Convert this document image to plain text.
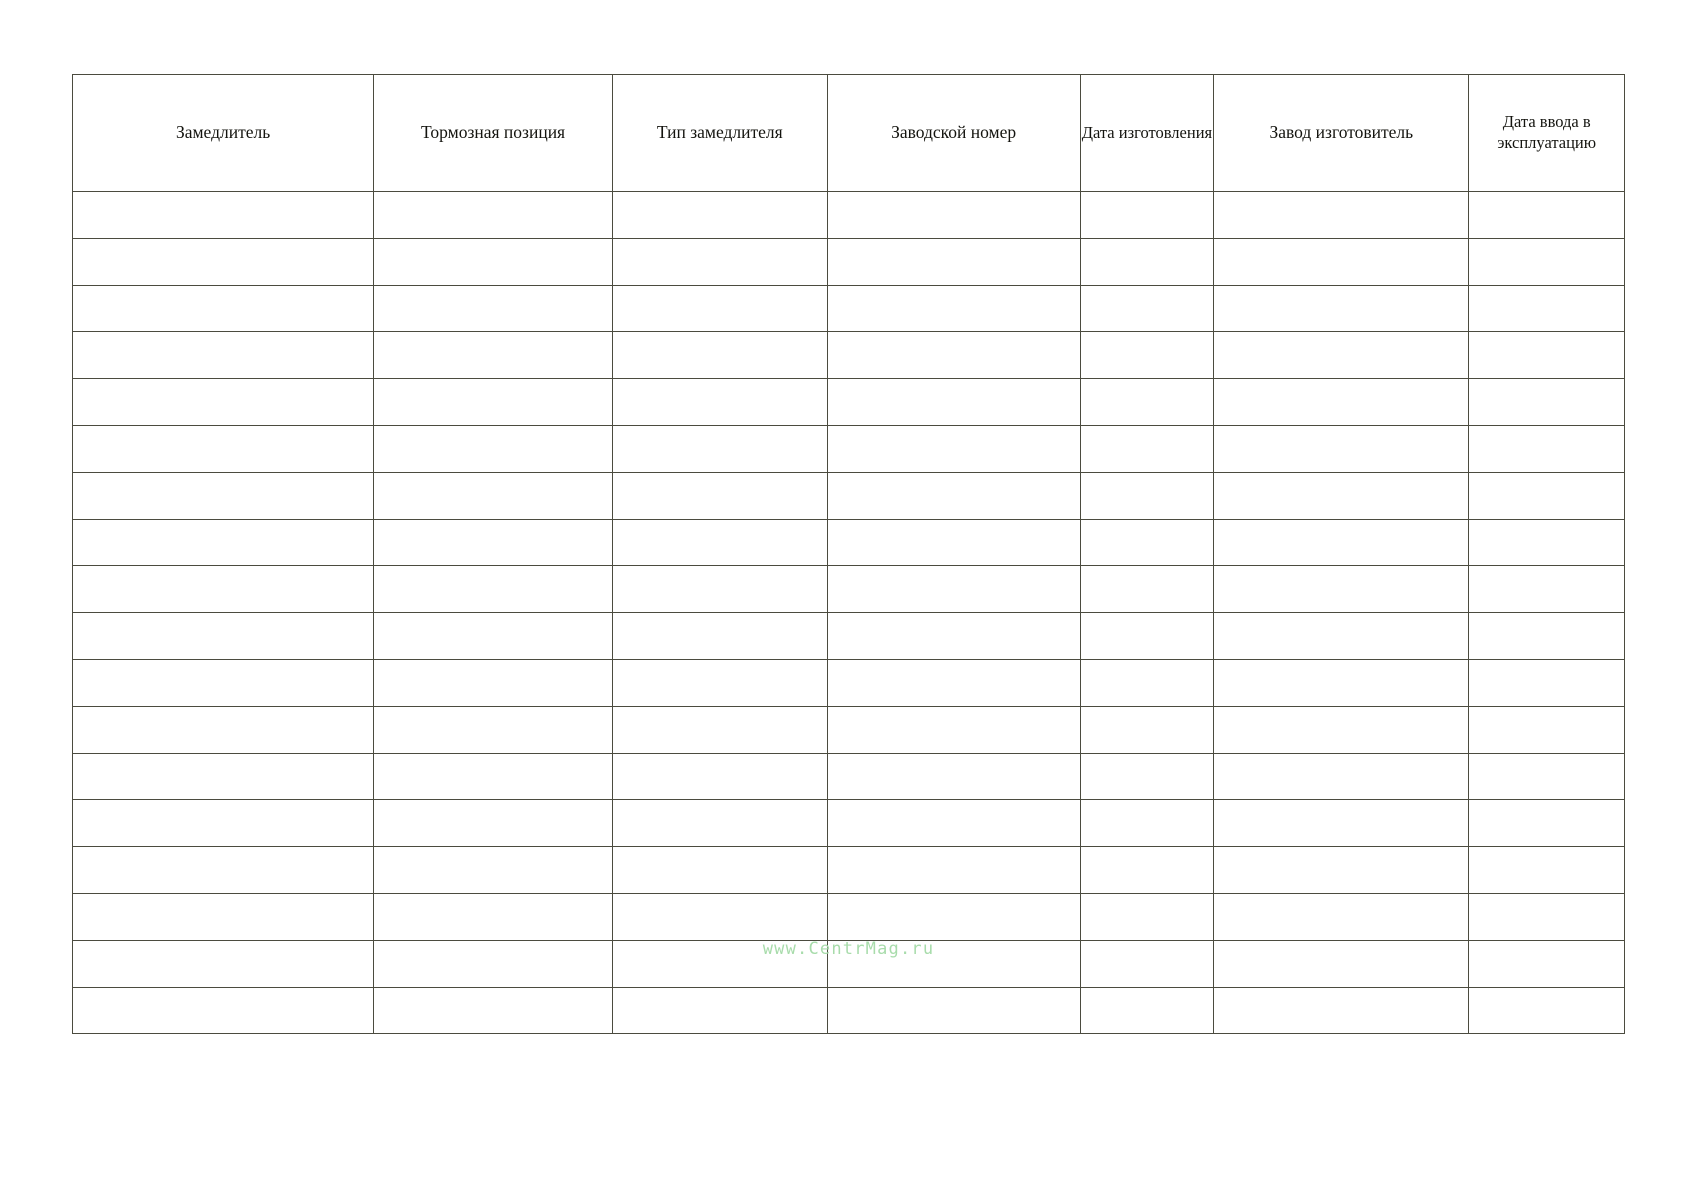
Замедлитель	Тормозная позиция	Тип замедлителя	Заводской номер	Дата изготовления	Завод изготовитель	Дата ввода в эксплуатацию

www.CentrMag.ru
